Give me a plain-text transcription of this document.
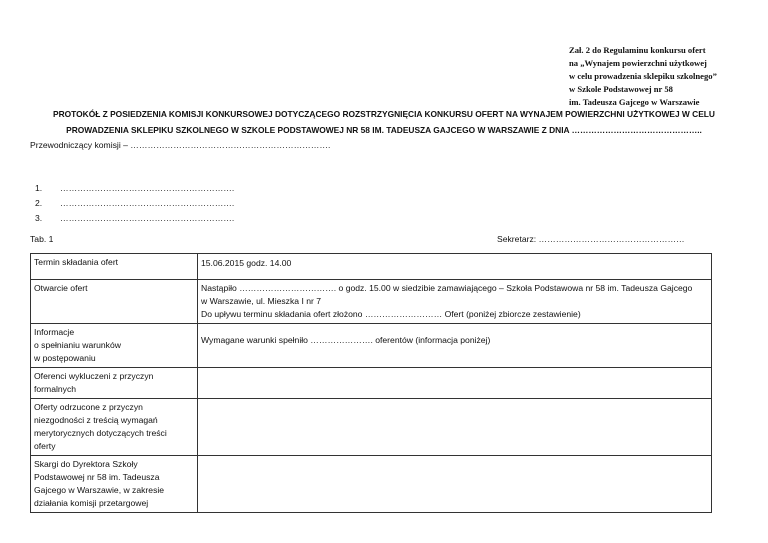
Zał. 2 do Regulaminu konkursu ofert
na „Wynajem powierzchni użytkowej
w celu prowadzenia sklepiku szkolnego”
w Szkole Podstawowej nr 58
im. Tadeusza Gajcego w Warszawie
PROTOKÓŁ Z POSIEDZENIA KOMISJI KONKURSOWEJ DOTYCZĄCEGO ROZSTRZYGNIĘCIA KONKURSU OFERT NA WYNAJEM POWIERZCHNI UŻYTKOWEJ W CELU
PROWADZENIA SKLEPIKU SZKOLNEGO W SZKOLE PODSTAWOWEJ NR 58 IM. TADEUSZA GAJCEGO W WARSZAWIE Z DNIA ………………………………………..
Przewodniczący komisji – …………………………………………………………….
1. …………………………………………………….
2. …………………………………………………….
3. …………………………………………………….
Tab. 1	Sekretarz: ……………………………………………
Termin składania ofert	15.06.2015 godz. 14.00

Otwarcie ofert	Nastąpiło ……………………………. o godz. 15.00 w siedzibie zamawiającego – Szkoła Podstawowa nr 58 im. Tadeusza Gajcego
w Warszawie, ul. Mieszka I nr 7
Do upływu terminu składania ofert złożono ……………………… Ofert (poniżej zbiorcze zestawienie)

Informacje
o spełnianiu warunków
w postępowaniu	Wymagane warunki spełniło …………………. oferentów (informacja poniżej)

Oferenci wykluczeni z przyczyn
formalnych	

Oferty odrzucone z przyczyn
niezgodności z treścią wymagań
merytorycznych dotyczących treści
oferty	

Skargi do Dyrektora Szkoły
Podstawowej nr 58 im. Tadeusza
Gajcego w Warszawie, w zakresie
działania komisji przetargowej	
